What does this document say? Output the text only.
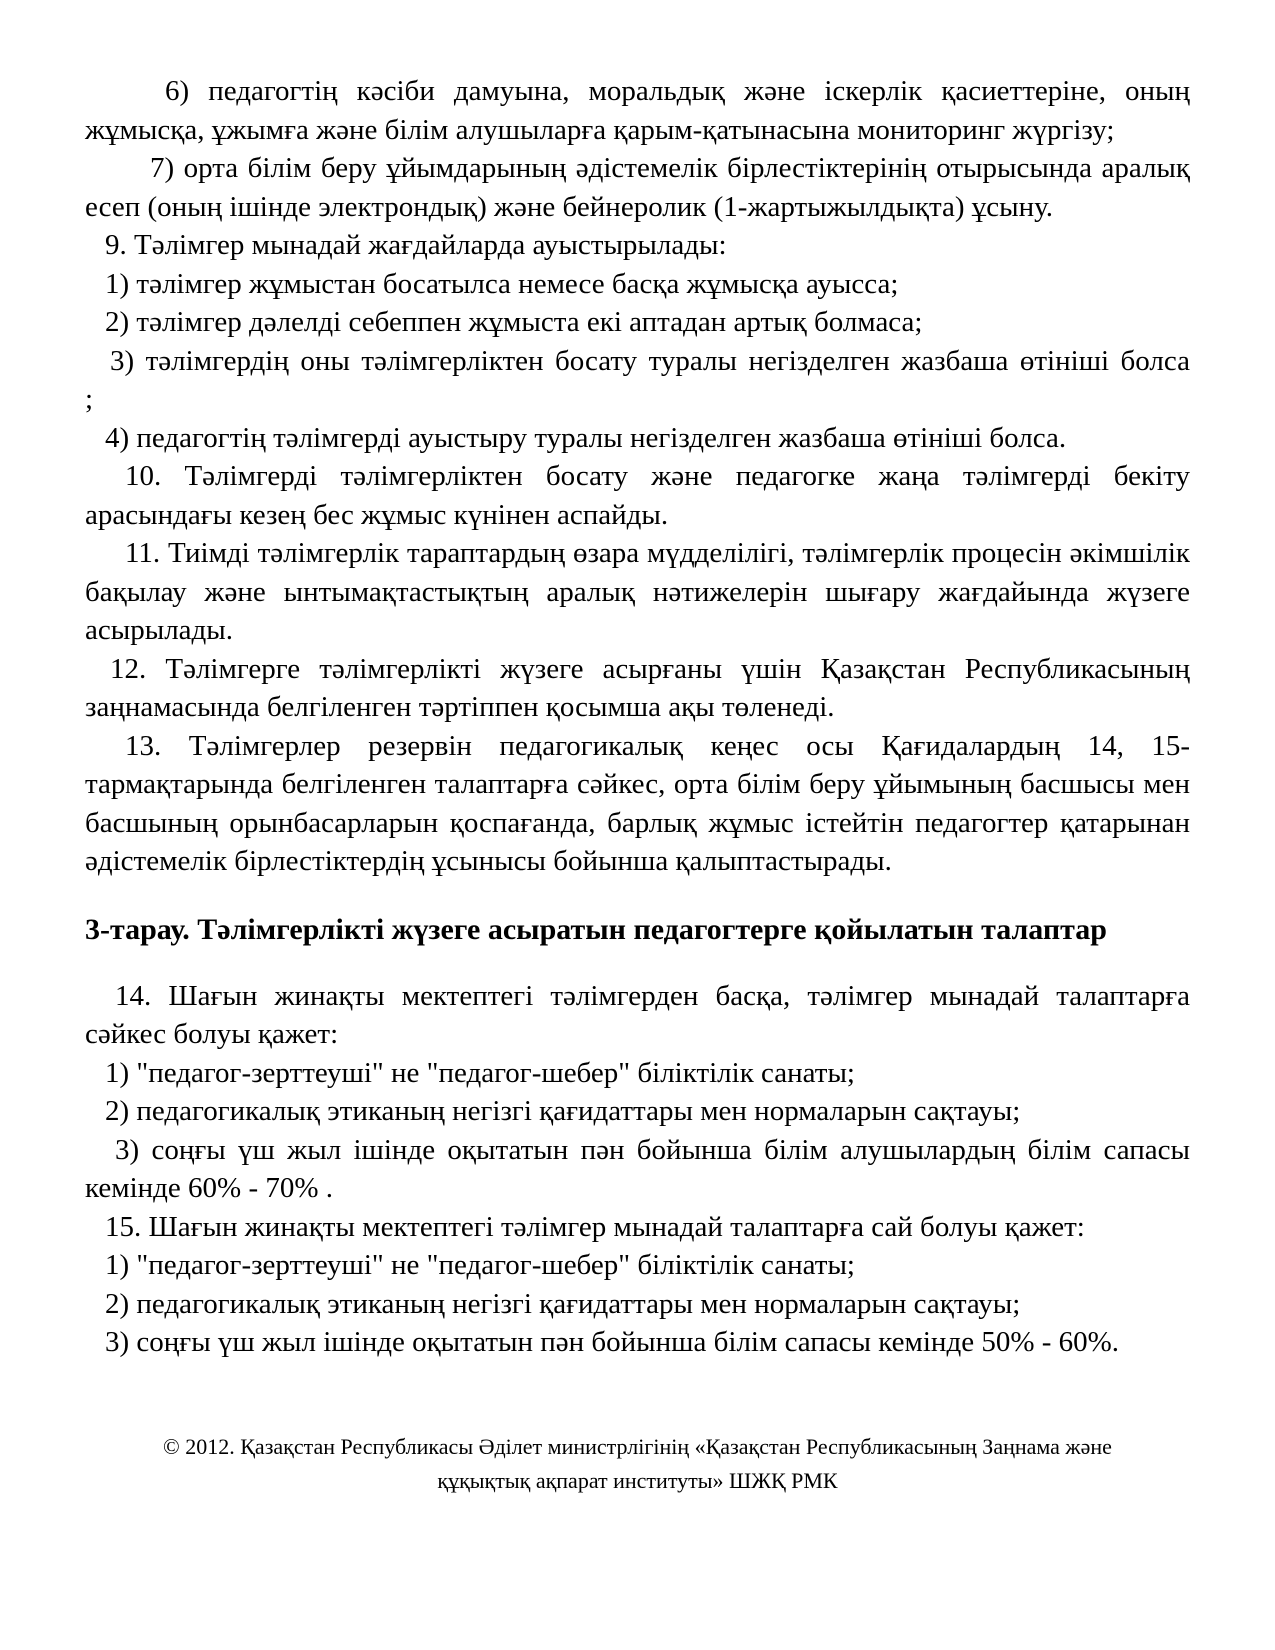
6) педагогтің кәсіби дамуына, моральдық және іскерлік қасиеттеріне, оның жұмысқа, ұжымға және білім алушыларға қарым-қатынасына мониторинг жүргізу;

7) орта білім беру ұйымдарының әдістемелік бірлестіктерінің отырысында аралық есеп (оның ішінде электрондық) және бейнеролик (1-жартыжылдықта) ұсыну.

9. Тәлімгер мынадай жағдайларда ауыстырылады:

1) тәлімгер жұмыстан босатылса немесе басқа жұмысқа ауысса;

2) тәлімгер дәлелді себеппен жұмыста екі аптадан артық болмаса;

3) тәлімгердің оны тәлімгерліктен босату туралы негізделген жазбаша өтініші болса

;

4) педагогтің тәлімгерді ауыстыру туралы негізделген жазбаша өтініші болса.

10. Тәлімгерді тәлімгерліктен босату және педагогке жаңа тәлімгерді бекіту арасындағы кезең бес жұмыс күнінен аспайды.

11. Тиімді тәлімгерлік тараптардың өзара мүдделілігі, тәлімгерлік процесін әкімшілік бақылау және ынтымақтастықтың аралық нәтижелерін шығару жағдайында жүзеге асырылады.

12. Тәлімгерге тәлімгерлікті жүзеге асырғаны үшін Қазақстан Республикасының заңнамасында белгіленген тәртіппен қосымша ақы төленеді.

13. Тәлімгерлер резервін педагогикалық кеңес осы Қағидалардың 14, 15-тармақтарында белгіленген талаптарға сәйкес, орта білім беру ұйымының басшысы мен басшының орынбасарларын қоспағанда, барлық жұмыс істейтін педагогтер қатарынан әдістемелік бірлестіктердің ұсынысы бойынша қалыптастырады.

3-тарау. Тәлімгерлікті жүзеге асыратын педагогтерге қойылатын талаптар

14. Шағын жинақты мектептегі тәлімгерден басқа, тәлімгер мынадай талаптарға сәйкес болуы қажет:

1) "педагог-зерттеуші" не "педагог-шебер" біліктілік санаты;

2) педагогикалық этиканың негізгі қағидаттары мен нормаларын сақтауы;

3) соңғы үш жыл ішінде оқытатын пән бойынша білім алушылардың білім сапасы кемінде 60% - 70% .

15. Шағын жинақты мектептегі тәлімгер мынадай талаптарға сай болуы қажет:

1) "педагог-зерттеуші" не "педагог-шебер" біліктілік санаты;

2) педагогикалық этиканың негізгі қағидаттары мен нормаларын сақтауы;

3) соңғы үш жыл ішінде оқытатын пән бойынша білім сапасы кемінде 50% - 60%.

© 2012. Қазақстан Республикасы Әділет министрлігінің «Қазақстан Республикасының Заңнама және
құқықтық ақпарат институты» ШЖҚ РМК
